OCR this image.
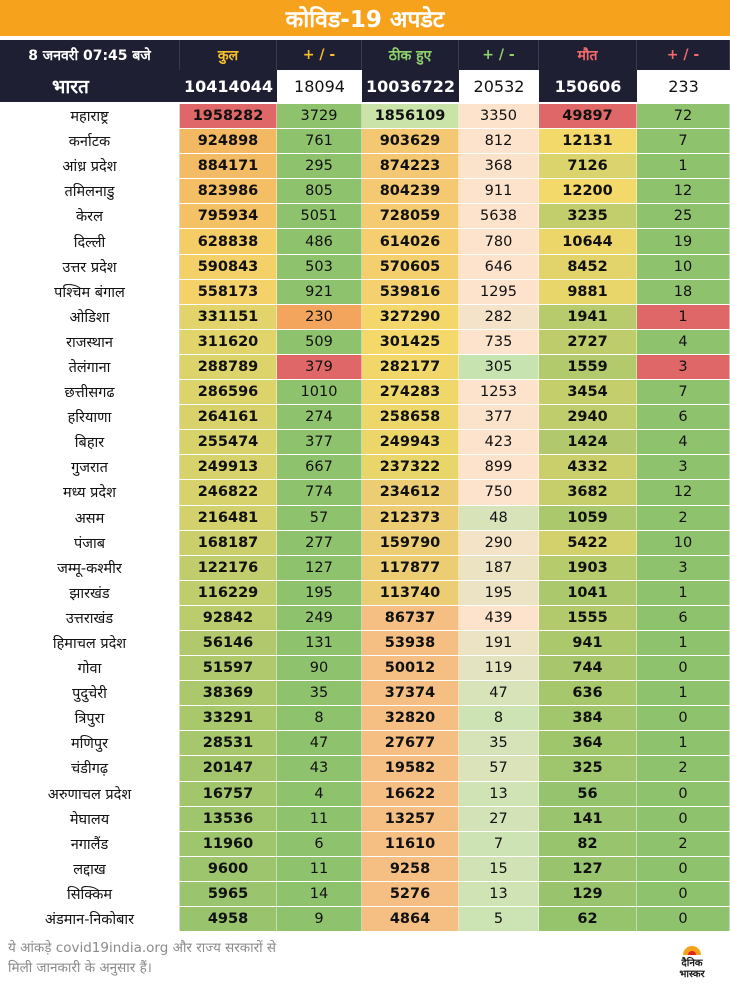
कोविड-19 अपडेट
8 जनवरी 07:45 बजे	कुल	+ / -	ठीक हुए	+ / -	मौत	+ / -
भारत	10414044	18094	10036722	20532	150606	233
महाराष्ट्र	1958282	3729	1856109	3350	49897	72
कर्नाटक	924898	761	903629	812	12131	7
आंध्र प्रदेश	884171	295	874223	368	7126	1
तमिलनाडु	823986	805	804239	911	12200	12
केरल	795934	5051	728059	5638	3235	25
दिल्ली	628838	486	614026	780	10644	19
उत्तर प्रदेश	590843	503	570605	646	8452	10
पश्चिम बंगाल	558173	921	539816	1295	9881	18
ओडिशा	331151	230	327290	282	1941	1
राजस्थान	311620	509	301425	735	2727	4
तेलंगाना	288789	379	282177	305	1559	3
छत्तीसगढ	286596	1010	274283	1253	3454	7
हरियाणा	264161	274	258658	377	2940	6
बिहार	255474	377	249943	423	1424	4
गुजरात	249913	667	237322	899	4332	3
मध्य प्रदेश	246822	774	234612	750	3682	12
असम	216481	57	212373	48	1059	2
पंजाब	168187	277	159790	290	5422	10
जम्मू-कश्मीर	122176	127	117877	187	1903	3
झारखंड	116229	195	113740	195	1041	1
उत्तराखंड	92842	249	86737	439	1555	6
हिमाचल प्रदेश	56146	131	53938	191	941	1
गोवा	51597	90	50012	119	744	0
पुदुचेरी	38369	35	37374	47	636	1
त्रिपुरा	33291	8	32820	8	384	0
मणिपुर	28531	47	27677	35	364	1
चंडीगढ़	20147	43	19582	57	325	2
अरुणाचल प्रदेश	16757	4	16622	13	56	0
मेघालय	13536	11	13257	27	141	0
नगालैंड	11960	6	11610	7	82	2
लद्दाख	9600	11	9258	15	127	0
सिक्किम	5965	14	5276	13	129	0
अंडमान-निकोबार	4958	9	4864	5	62	0
ये आंकड़े covid19india.org और राज्य सरकारों से
मिली जानकारी के अनुसार हैं।	दैनिक
भास्कर
